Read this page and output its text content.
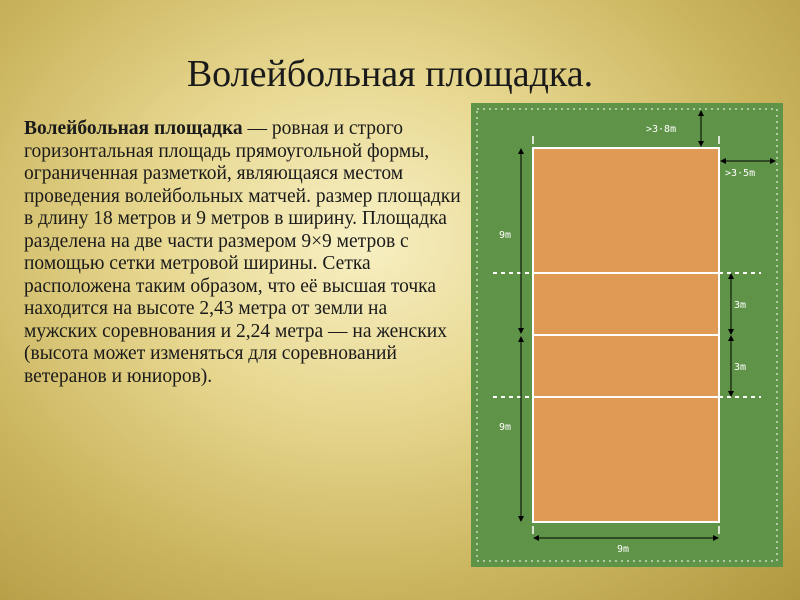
Волейбольная площадка.
Волейбольная площадка — ровная и строго горизонтальная площадь прямоугольной формы, ограниченная разметкой, являющаяся местом проведения волейбольных матчей. размер площадки в длину 18 метров и 9 метров в ширину. Площадка разделена на две части размером 9×9 метров с помощью сетки метровой ширины. Сетка расположена таким образом, что её высшая точка находится на высоте 2,43 метра от земли на мужских соревнования и 2,24 метра — на женских (высота может изменяться для соревнований ветеранов и юниоров).
>3·8m
>3·5m
9m
9m
3m
3m
9m
